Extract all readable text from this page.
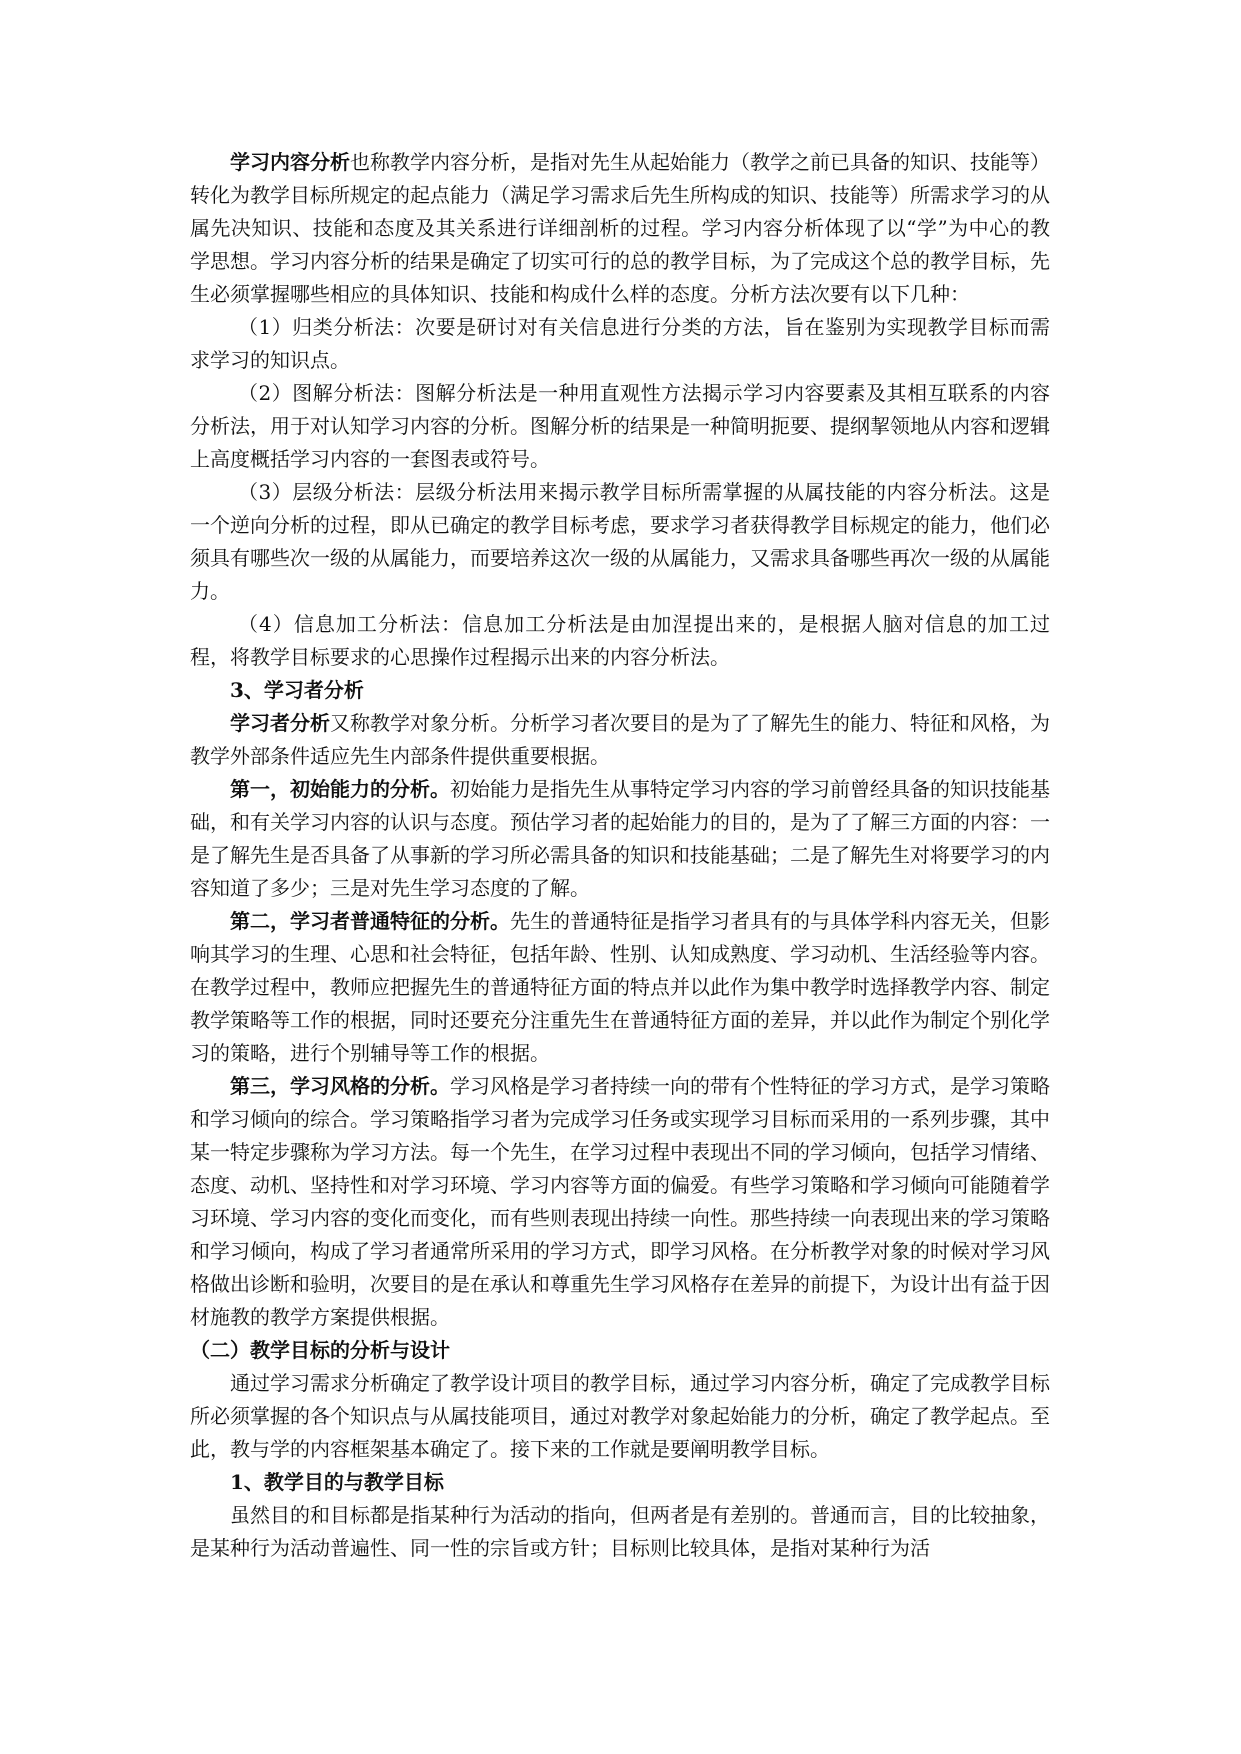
学习内容分析也称教学内容分析，是指对先生从起始能力（教学之前已具备的知识、技能等）转化为教学目标所规定的起点能力（满足学习需求后先生所构成的知识、技能等）所需求学习的从属先决知识、技能和态度及其关系进行详细剖析的过程。学习内容分析体现了以“学”为中心的教学思想。学习内容分析的结果是确定了切实可行的总的教学目标，为了完成这个总的教学目标，先生必须掌握哪些相应的具体知识、技能和构成什么样的态度。分析方法次要有以下几种：

（1）归类分析法：次要是研讨对有关信息进行分类的方法，旨在鉴别为实现教学目标而需求学习的知识点。

（2）图解分析法：图解分析法是一种用直观性方法揭示学习内容要素及其相互联系的内容分析法，用于对认知学习内容的分析。图解分析的结果是一种简明扼要、提纲挈领地从内容和逻辑上高度概括学习内容的一套图表或符号。

（3）层级分析法：层级分析法用来揭示教学目标所需掌握的从属技能的内容分析法。这是一个逆向分析的过程，即从已确定的教学目标考虑，要求学习者获得教学目标规定的能力，他们必须具有哪些次一级的从属能力，而要培养这次一级的从属能力，又需求具备哪些再次一级的从属能力。

（4）信息加工分析法：信息加工分析法是由加涅提出来的，是根据人脑对信息的加工过程，将教学目标要求的心思操作过程揭示出来的内容分析法。

3、学习者分析

学习者分析又称教学对象分析。分析学习者次要目的是为了了解先生的能力、特征和风格，为教学外部条件适应先生内部条件提供重要根据。

第一，初始能力的分析。初始能力是指先生从事特定学习内容的学习前曾经具备的知识技能基础，和有关学习内容的认识与态度。预估学习者的起始能力的目的，是为了了解三方面的内容：一是了解先生是否具备了从事新的学习所必需具备的知识和技能基础；二是了解先生对将要学习的内容知道了多少；三是对先生学习态度的了解。

第二，学习者普通特征的分析。先生的普通特征是指学习者具有的与具体学科内容无关，但影响其学习的生理、心思和社会特征，包括年龄、性别、认知成熟度、学习动机、生活经验等内容。在教学过程中，教师应把握先生的普通特征方面的特点并以此作为集中教学时选择教学内容、制定教学策略等工作的根据，同时还要充分注重先生在普通特征方面的差异，并以此作为制定个别化学习的策略，进行个别辅导等工作的根据。

第三，学习风格的分析。学习风格是学习者持续一向的带有个性特征的学习方式，是学习策略和学习倾向的综合。学习策略指学习者为完成学习任务或实现学习目标而采用的一系列步骤，其中某一特定步骤称为学习方法。每一个先生，在学习过程中表现出不同的学习倾向，包括学习情绪、态度、动机、坚持性和对学习环境、学习内容等方面的偏爱。有些学习策略和学习倾向可能随着学习环境、学习内容的变化而变化，而有些则表现出持续一向性。那些持续一向表现出来的学习策略和学习倾向，构成了学习者通常所采用的学习方式，即学习风格。在分析教学对象的时候对学习风格做出诊断和验明，次要目的是在承认和尊重先生学习风格存在差异的前提下，为设计出有益于因材施教的教学方案提供根据。

（二）教学目标的分析与设计

通过学习需求分析确定了教学设计项目的教学目标，通过学习内容分析，确定了完成教学目标所必须掌握的各个知识点与从属技能项目，通过对教学对象起始能力的分析，确定了教学起点。至此，教与学的内容框架基本确定了。接下来的工作就是要阐明教学目标。

1、教学目的与教学目标

虽然目的和目标都是指某种行为活动的指向，但两者是有差别的。普通而言，目的比较抽象，是某种行为活动普遍性、同一性的宗旨或方针；目标则比较具体，是指对某种行为活
